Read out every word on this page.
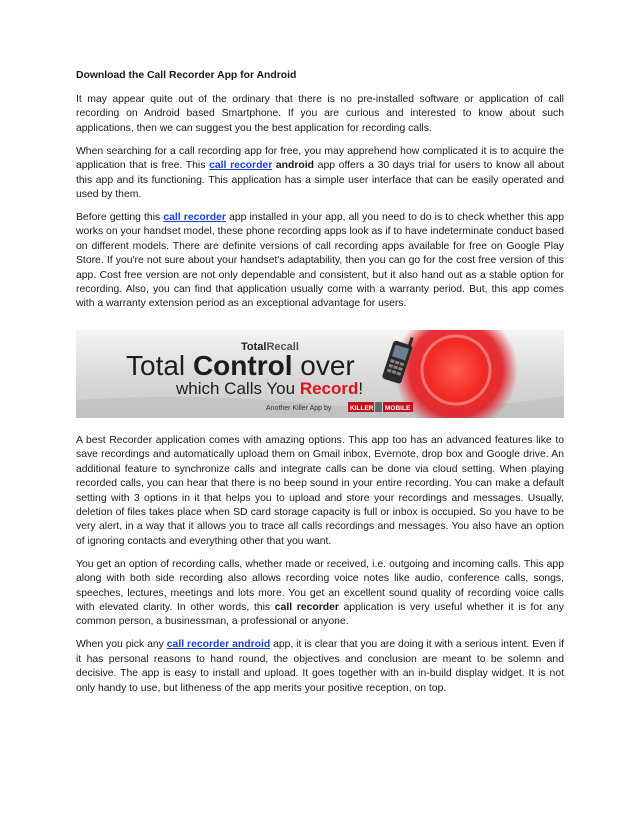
Download the Call Recorder App for Android

It may appear quite out of the ordinary that there is no pre-installed software or application of call recording on Android based Smartphone. If you are curious and interested to know about such applications, then we can suggest you the best application for recording calls.

When searching for a call recording app for free, you may apprehend how complicated it is to acquire the application that is free. This call recorder android app offers a 30 days trial for users to know all about this app and its functioning. This application has a simple user interface that can be easily operated and used by them.

Before getting this call recorder app installed in your app, all you need to do is to check whether this app works on your handset model, these phone recording apps look as if to have indeterminate conduct based on different models. There are definite versions of call recording apps available for free on Google Play Store. If you're not sure about your handset's adaptability, then you can go for the cost free version of this app. Cost free version are not only dependable and consistent, but it also hand out as a stable option for recording. Also, you can find that application usually come with a warranty period. But, this app comes with a warranty extension period as an exceptional advantage for users.

TotalRecall
Total Control over
which Calls You Record!
Another Killer App by	KILLER MOBILE

A best Recorder application comes with amazing options. This app too has an advanced features like to save recordings and automatically upload them on Gmail inbox, Evernote, drop box and Google drive. An additional feature to synchronize calls and integrate calls can be done via cloud setting. When playing recorded calls, you can hear that there is no beep sound in your entire recording. You can make a default setting with 3 options in it that helps you to upload and store your recordings and messages. Usually, deletion of files takes place when SD card storage capacity is full or inbox is occupied. So you have to be very alert, in a way that it allows you to trace all calls recordings and messages. You also have an option of ignoring contacts and everything other that you want.

You get an option of recording calls, whether made or received, i.e. outgoing and incoming calls. This app along with both side recording also allows recording voice notes like audio, conference calls, songs, speeches, lectures, meetings and lots more. You get an excellent sound quality of recording voice calls with elevated clarity. In other words, this call recorder application is very useful whether it is for any common person, a businessman, a professional or anyone.

When you pick any call recorder android app, it is clear that you are doing it with a serious intent. Even if it has personal reasons to hand round, the objectives and conclusion are meant to be solemn and decisive. The app is easy to install and upload. It goes together with an in-build display widget. It is not only handy to use, but litheness of the app merits your positive reception, on top.
